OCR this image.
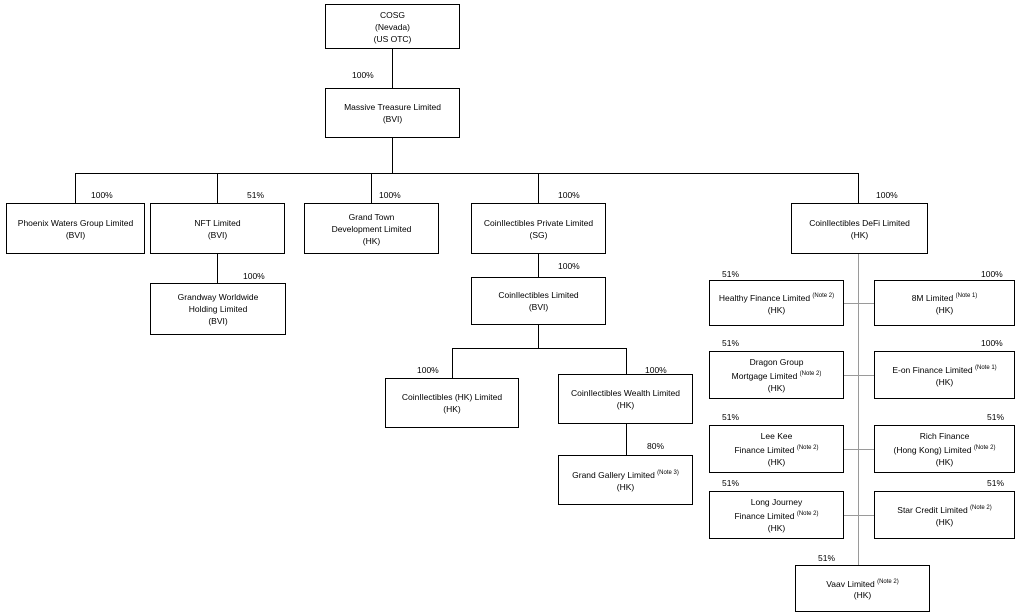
COSG
(Nevada)
(US OTC)
Massive Treasure Limited
(BVI)
Phoenix Waters Group Limited
(BVI)
NFT Limited
(BVI)
Grand Town
Development Limited
(HK)
CoinIlectibles Private Limited
(SG)
CoinIlectibles DeFi Limited
(HK)
Grandway Worldwide
Holding Limited
(BVI)
CoinIlectibles Limited
(BVI)
CoinIlectibles (HK) Limited
(HK)
CoinIlectibles Wealth Limited
(HK)
Grand Gallery Limited $^{(Note 3)}$
(HK)
Healthy Finance Limited $^{(Note 2)}$
(HK)
8M Limited $^{(Note 1)}$
(HK)
Dragon Group
Mortgage Limited $^{(Note 2)}$
(HK)
E-on Finance Limited $^{(Note 1)}$
(HK)
Lee Kee
Finance Limited $^{(Note 2)}$
(HK)
Rich Finance
(Hong Kong) Limited $^{(Note 2)}$
(HK)
Long Journey
Finance Limited $^{(Note 2)}$
(HK)
Star Credit Limited $^{(Note 2)}$
(HK)
Vaav Limited $^{(Note 2)}$
(HK)
100%
100%	51%	100%	100%	100%
100%
100%
100%	100%
80%
51%	100%
51%	100%
51%	51%
51%	51%
51%
